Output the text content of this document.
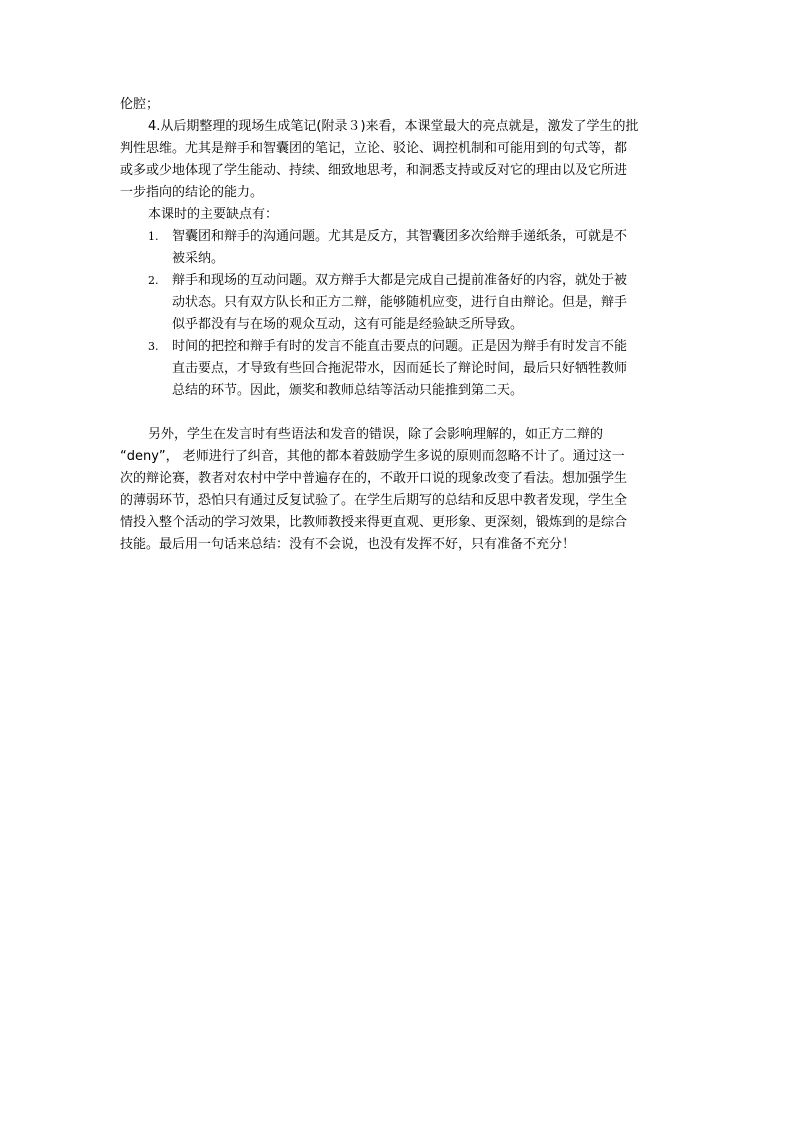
伦腔；
4.从后期整理的现场生成笔记(附录３)来看，本课堂最大的亮点就是，激发了学生的批
判性思维。尤其是辩手和智囊团的笔记，立论、驳论、调控机制和可能用到的句式等，都
或多或少地体现了学生能动、持续、细致地思考，和洞悉支持或反对它的理由以及它所进
一步指向的结论的能力。
本课时的主要缺点有：
1. 智囊团和辩手的沟通问题。尤其是反方，其智囊团多次给辩手递纸条，可就是不
被采纳。
2. 辩手和现场的互动问题。双方辩手大都是完成自己提前准备好的内容，就处于被
动状态。只有双方队长和正方二辩，能够随机应变，进行自由辩论。但是，辩手
似乎都没有与在场的观众互动，这有可能是经验缺乏所导致。
3. 时间的把控和辩手有时的发言不能直击要点的问题。正是因为辩手有时发言不能
直击要点，才导致有些回合拖泥带水，因而延长了辩论时间，最后只好牺牲教师
总结的环节。因此，颁奖和教师总结等活动只能推到第二天。
另外，学生在发言时有些语法和发音的错误，除了会影响理解的，如正方二辩的
“deny”， 老师进行了纠音，其他的都本着鼓励学生多说的原则而忽略不计了。通过这一
次的辩论赛，教者对农村中学中普遍存在的，不敢开口说的现象改变了看法。想加强学生
的薄弱环节，恐怕只有通过反复试验了。在学生后期写的总结和反思中教者发现，学生全
情投入整个活动的学习效果，比教师教授来得更直观、更形象、更深刻，锻炼到的是综合
技能。最后用一句话来总结：没有不会说，也没有发挥不好，只有准备不充分！
